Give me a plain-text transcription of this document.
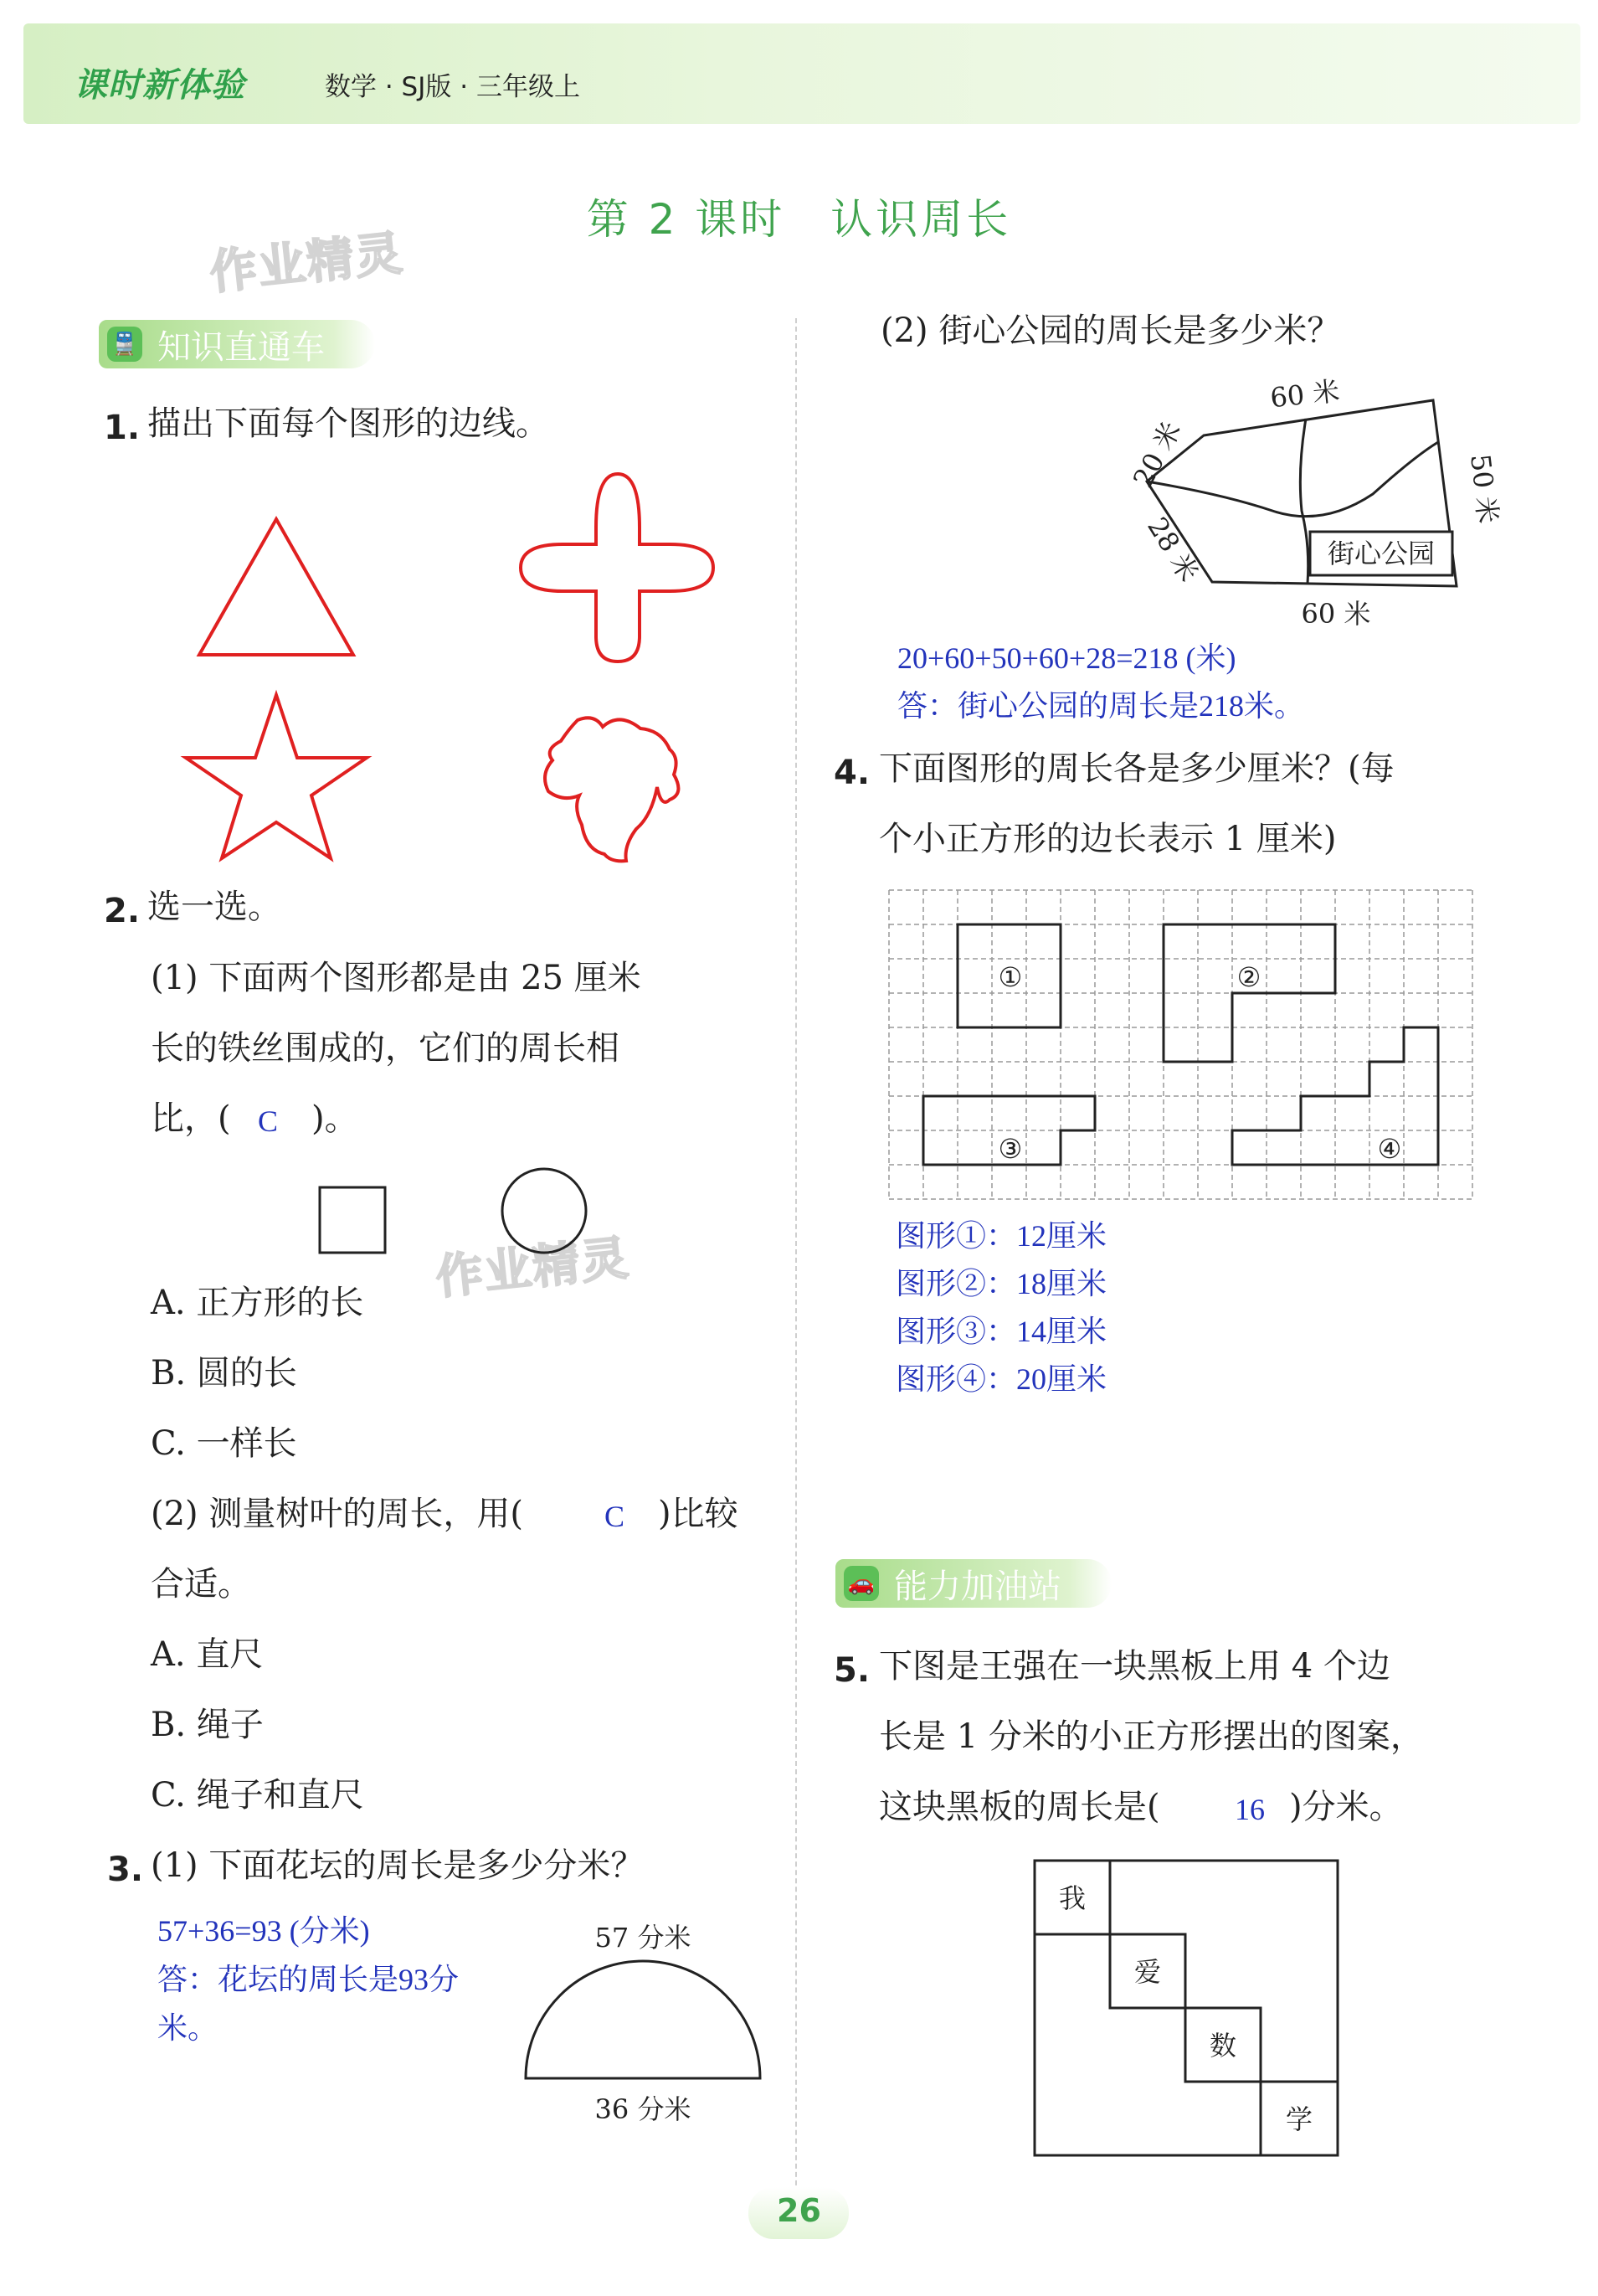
课时新体验	数学 · SJ版 · 三年级上
第 2 课时　认识周长
作业精灵
作业精灵
🚆 知识直通车
1. 描出下面每个图形的边线。
2. 选一选。
(1) 下面两个图形都是由 25 厘米
长的铁丝围成的，它们的周长相
比，( C )。
A. 正方形的长
B. 圆的长
C. 一样长
(2) 测量树叶的周长，用(	C )比较
合适。
A. 直尺
B. 绳子
C. 绳子和直尺
3. (1) 下面花坛的周长是多少分米？
57+36=93 (分米)
答：花坛的周长是93分
米。
57 分米
36 分米
(2) 街心公园的周长是多少米？
街心公园
60 米
20 米	50 米
28 米
60 米
20+60+50+60+28=218 (米)
答：街心公园的周长是218米。
4. 下面图形的周长各是多少厘米？(每
个小正方形的边长表示 1 厘米)
①	②
③	④
图形①：12厘米
图形②：18厘米
图形③：14厘米
图形④：20厘米
🚗 能力加油站
5. 下图是王强在一块黑板上用 4 个边
长是 1 分米的小正方形摆出的图案，
这块黑板的周长是( 16 )分米。
我
爱
数
学
26
